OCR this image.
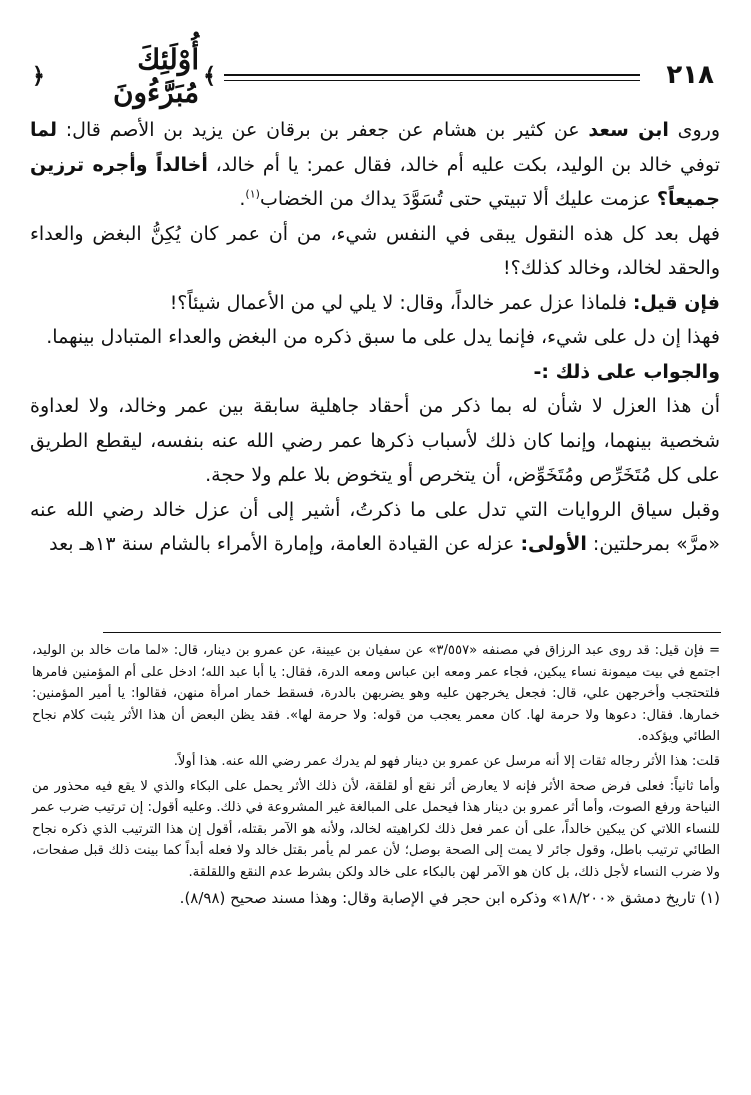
٢١٨
﴾
أُوْلَئِكَ مُبَرَّءُونَ
﴿

وروى ابن سعد عن كثير بن هشام عن جعفر بن برقان عن يزيد بن الأصم قال: لما توفي خالد بن الوليد، بكت عليه أم خالد، فقال عمر: يا أم خالد، أخالداً وأجره ترزين جميعاً؟ عزمت عليك ألا تبيتي حتى تُسَوَّدَ يداك من الخضاب$^{(١)}$.

فهل بعد كل هذه النقول يبقى في النفس شيء، من أن عمر كان يُكِنُّ البغض والعداء والحقد لخالد، وخالد كذلك؟!

فإن قيل: فلماذا عزل عمر خالداً، وقال: لا يلي لي من الأعمال شيئاً؟!

فهذا إن دل على شيء، فإنما يدل على ما سبق ذكره من البغض والعداء المتبادل بينهما.

والجواب على ذلك :-

أن هذا العزل لا شأن له بما ذكر من أحقاد جاهلية سابقة بين عمر وخالد، ولا لعداوة شخصية بينهما، وإنما كان ذلك لأسباب ذكرها عمر رضي الله عنه بنفسه، ليقطع الطريق على كل مُتَخَرِّص ومُتَخَوِّض، أن يتخرص أو يتخوض بلا علم ولا حجة.

وقبل سياق الروايات التي تدل على ما ذكرتُ، أشير إلى أن عزل خالد رضي الله عنه «مرَّ» بمرحلتين: الأولى: عزله عن القيادة العامة، وإمارة الأمراء بالشام سنة ١٣هـ بعد

= فإن قيل: قد روى عبد الرزاق في مصنفه «٣/٥٥٧» عن سفيان بن عيينة، عن عمرو بن دينار، قال: «لما مات خالد بن الوليد، اجتمع في بيت ميمونة نساء يبكين، فجاء عمر ومعه ابن عباس ومعه الدرة، فقال: يا أبا عبد الله؛ ادخل على أم المؤمنين فامرها فلتحتجب وأخرجهن علي، قال: فجعل يخرجهن عليه وهو يضربهن بالدرة، فسقط خمار امرأة منهن، فقالوا: يا أمير المؤمنين: خمارها. فقال: دعوها ولا حرمة لها. كان معمر يعجب من قوله: ولا حرمة لها». فقد يظن البعض أن هذا الأثر يثبت كلام نجاح الطائي ويؤكده.

قلت: هذا الأثر رجاله ثقات إلا أنه مرسل عن عمرو بن دينار فهو لم يدرك عمر رضي الله عنه. هذا أولاً.

وأما ثانياً: فعلى فرض صحة الأثر فإنه لا يعارض أثر نقع أو لقلقة، لأن ذلك الأثر يحمل على البكاء والذي لا يقع فيه محذور من النياحة ورفع الصوت، وأما أثر عمرو بن دينار هذا فيحمل على المبالغة غير المشروعة في ذلك. وعليه أقول: إن ترتيب ضرب عمر للنساء اللاتي كن يبكين خالداً، على أن عمر فعل ذلك لكراهيته لخالد، ولأنه هو الآمر بقتله، أقول إن هذا الترتيب الذي ذكره نجاح الطائي ترتيب باطل، وقول جائر لا يمت إلى الصحة بوصل؛ لأن عمر لم يأمر بقتل خالد ولا فعله أبداً كما بينت ذلك قبل صفحات، ولا ضرب النساء لأجل ذلك، بل كان هو الآمر لهن بالبكاء على خالد ولكن بشرط عدم النقع واللقلقة.

(١) تاريخ دمشق «١٨/٢٠٠» وذكره ابن حجر في الإصابة وقال: وهذا مسند صحيح (٨/٩٨).
